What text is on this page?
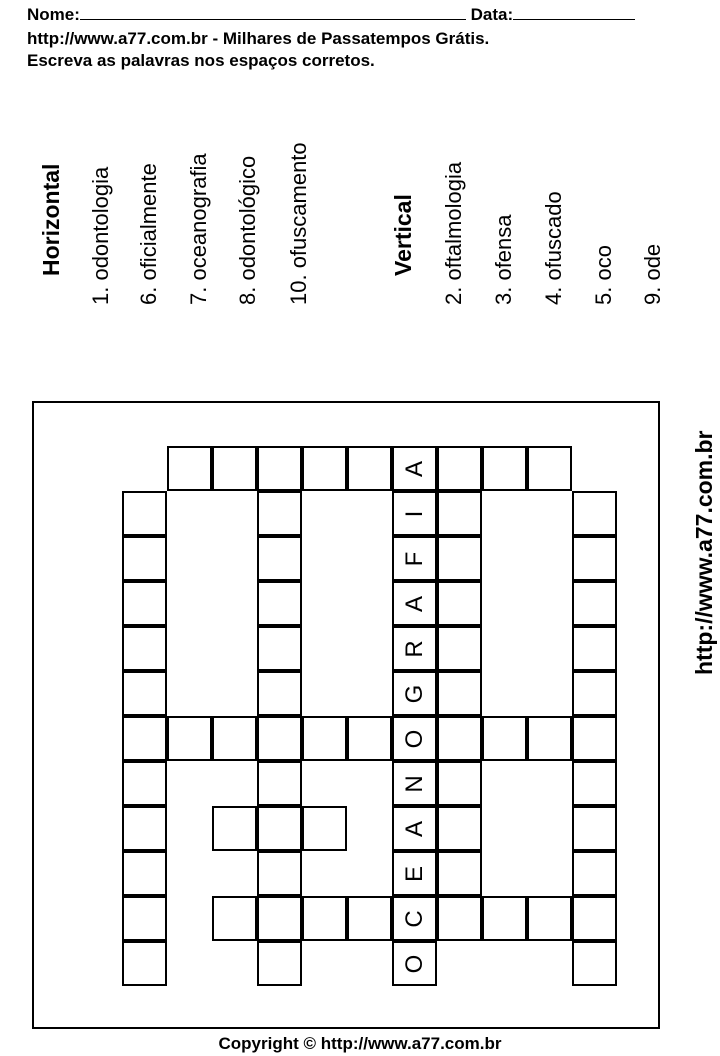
Nome:	Data:
http://www.a77.com.br - Milhares de Passatempos Grátis.
Escreva as palavras nos espaços corretos.
Horizontal 1. odontologia 6. oficialmente 7. oceanografia 8. odontológico 10. ofuscamento	Vertical 2. oftalmologia 3. ofensa 4. ofuscado 5. oco 9. ode
A
I
F
A
R
G
O
N
A
E
C
O
http://www.a77.com.br
Copyright © http://www.a77.com.br
